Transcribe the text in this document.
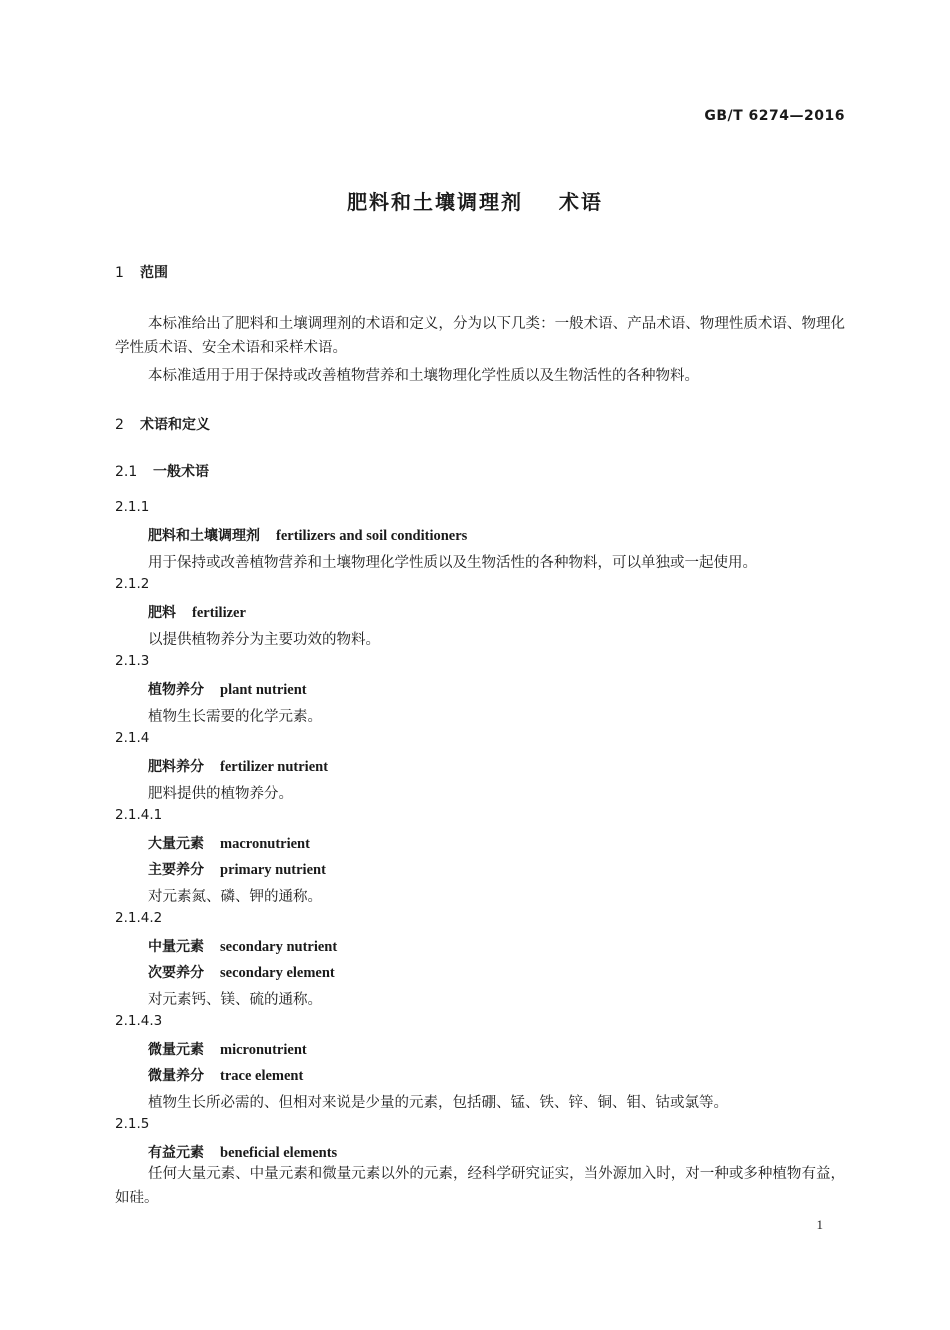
GB/T 6274—2016
肥料和土壤调理剂    术语
1 范围
本标准给出了肥料和土壤调理剂的术语和定义，分为以下几类：一般术语、产品术语、物理性质术语、物理化学性质术语、安全术语和采样术语。
本标准适用于用于保持或改善植物营养和土壤物理化学性质以及生物活性的各种物料。
2 术语和定义
2.1 一般术语
2.1.1
肥料和土壤调理剂 fertilizers and soil conditioners
用于保持或改善植物营养和土壤物理化学性质以及生物活性的各种物料，可以单独或一起使用。
2.1.2
肥料 fertilizer
以提供植物养分为主要功效的物料。
2.1.3
植物养分 plant nutrient
植物生长需要的化学元素。
2.1.4
肥料养分 fertilizer nutrient
肥料提供的植物养分。
2.1.4.1
大量元素 macronutrient
主要养分 primary nutrient
对元素氮、磷、钾的通称。
2.1.4.2
中量元素 secondary nutrient
次要养分 secondary element
对元素钙、镁、硫的通称。
2.1.4.3
微量元素 micronutrient
微量养分 trace element
植物生长所必需的、但相对来说是少量的元素，包括硼、锰、铁、锌、铜、钼、钴或氯等。
2.1.5
有益元素 beneficial elements
任何大量元素、中量元素和微量元素以外的元素，经科学研究证实，当外源加入时，对一种或多种植物有益，如硅。
1
